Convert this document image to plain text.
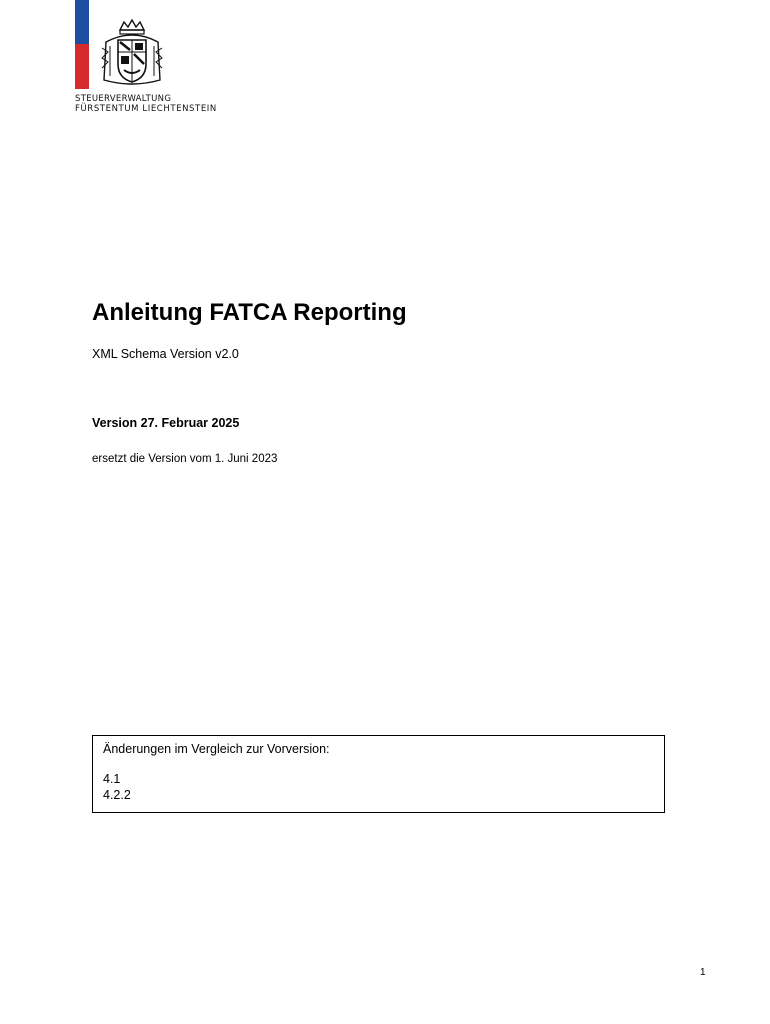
STEUERVERWALTUNG
FÜRSTENTUM LIECHTENSTEIN
Anleitung FATCA Reporting
XML Schema Version v2.0
Version 27. Februar 2025
ersetzt die Version vom 1. Juni 2023
Änderungen im Vergleich zur Vorversion:
4.1
4.2.2
1
